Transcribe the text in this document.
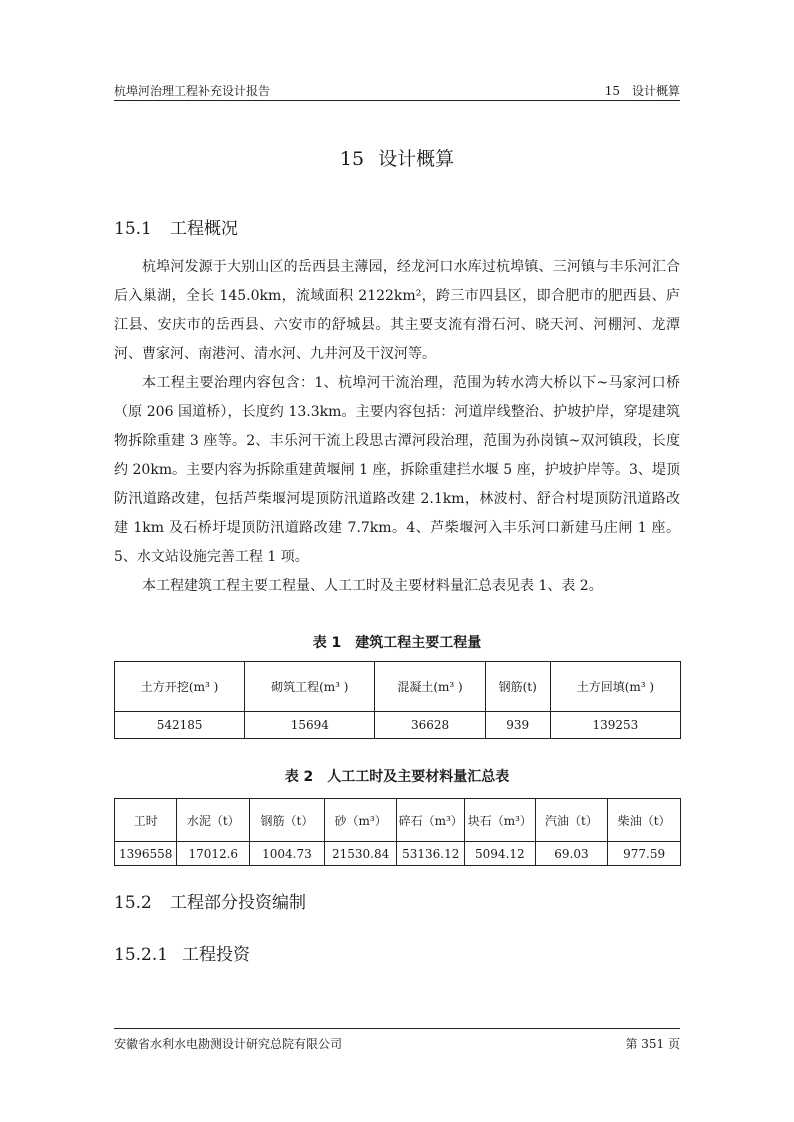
杭埠河治理工程补充设计报告	15　设计概算
15 设计概算
15.1 工程概况

杭埠河发源于大别山区的岳西县主薄园，经龙河口水库过杭埠镇、三河镇与丰乐河汇合后入巢湖，全长 145.0km，流域面积 2122km²，跨三市四县区，即合肥市的肥西县、庐江县、安庆市的岳西县、六安市的舒城县。其主要支流有滑石河、晓天河、河棚河、龙潭河、曹家河、南港河、清水河、九井河及干汊河等。

本工程主要治理内容包含：1、杭埠河干流治理，范围为转水湾大桥以下~马家河口桥（原 206 国道桥），长度约 13.3km。主要内容包括：河道岸线整治、护坡护岸，穿堤建筑物拆除重建 3 座等。2、丰乐河干流上段思古潭河段治理，范围为孙岗镇~双河镇段，长度约 20km。主要内容为拆除重建黄堰闸 1 座，拆除重建拦水堰 5 座，护坡护岸等。3、堤顶防汛道路改建，包括芦柴堰河堤顶防汛道路改建 2.1km，林波村、舒合村堤顶防汛道路改建 1km 及石桥圩堤顶防汛道路改建 7.7km。4、芦柴堰河入丰乐河口新建马庄闸 1 座。5、水文站设施完善工程 1 项。

本工程建筑工程主要工程量、人工工时及主要材料量汇总表见表 1、表 2。

表 1　建筑工程主要工程量
土方开挖(m³ )	砌筑工程(m³ )	混凝土(m³ )	钢筋(t)	土方回填(m³ )
542185	15694	36628	939	139253
表 2　人工工时及主要材料量汇总表
工时	水泥（t）	钢筋（t）	砂（m³）	碎石（m³）	块石（m³）	汽油（t）	柴油（t）
1396558	17012.6	1004.73	21530.84	53136.12	5094.12	69.03	977.59
15.2 工程部分投资编制
15.2.1 工程投资
安徽省水利水电勘测设计研究总院有限公司	第 351 页
